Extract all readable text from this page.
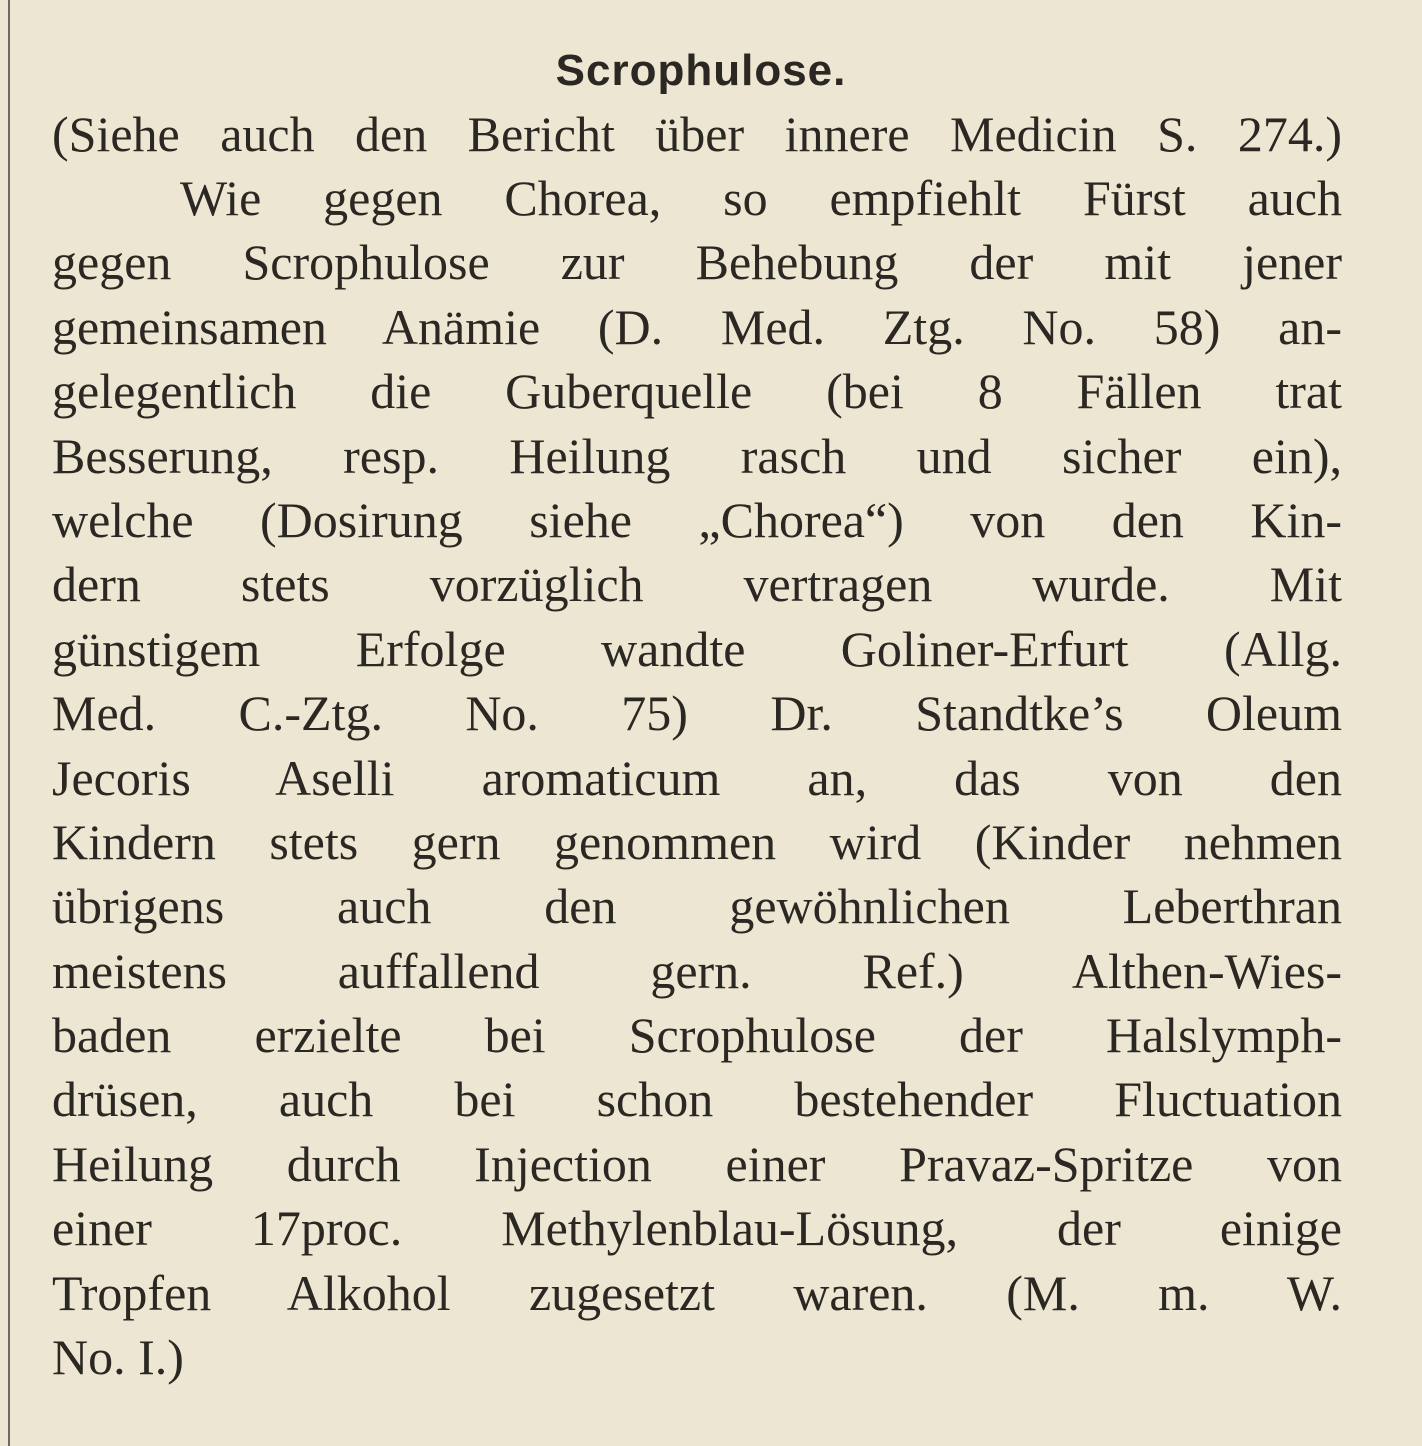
Scrophulose.
(Siehe auch den Bericht über innere Medicin S. 274.)
Wie gegen Chorea, so empfiehlt Fürst auch
gegen Scrophulose zur Behebung der mit jener
gemeinsamen Anämie (D. Med. Ztg. No. 58) an-
gelegentlich die Guberquelle (bei 8 Fällen trat
Besserung, resp. Heilung rasch und sicher ein),
welche (Dosirung siehe „Chorea“) von den Kin-
dern stets vorzüglich vertragen wurde. Mit
günstigem Erfolge wandte Goliner-Erfurt (Allg.
Med. C.-Ztg. No. 75) Dr. Standtke’s Oleum
Jecoris Aselli aromaticum an, das von den
Kindern stets gern genommen wird (Kinder nehmen
übrigens auch den gewöhnlichen Leberthran
meistens auffallend gern. Ref.) Althen-Wies-
baden erzielte bei Scrophulose der Halslymph-
drüsen, auch bei schon bestehender Fluctuation
Heilung durch Injection einer Pravaz-Spritze von
einer 17proc. Methylenblau-Lösung, der einige
Tropfen Alkohol zugesetzt waren. (M. m. W.
No. I.)
